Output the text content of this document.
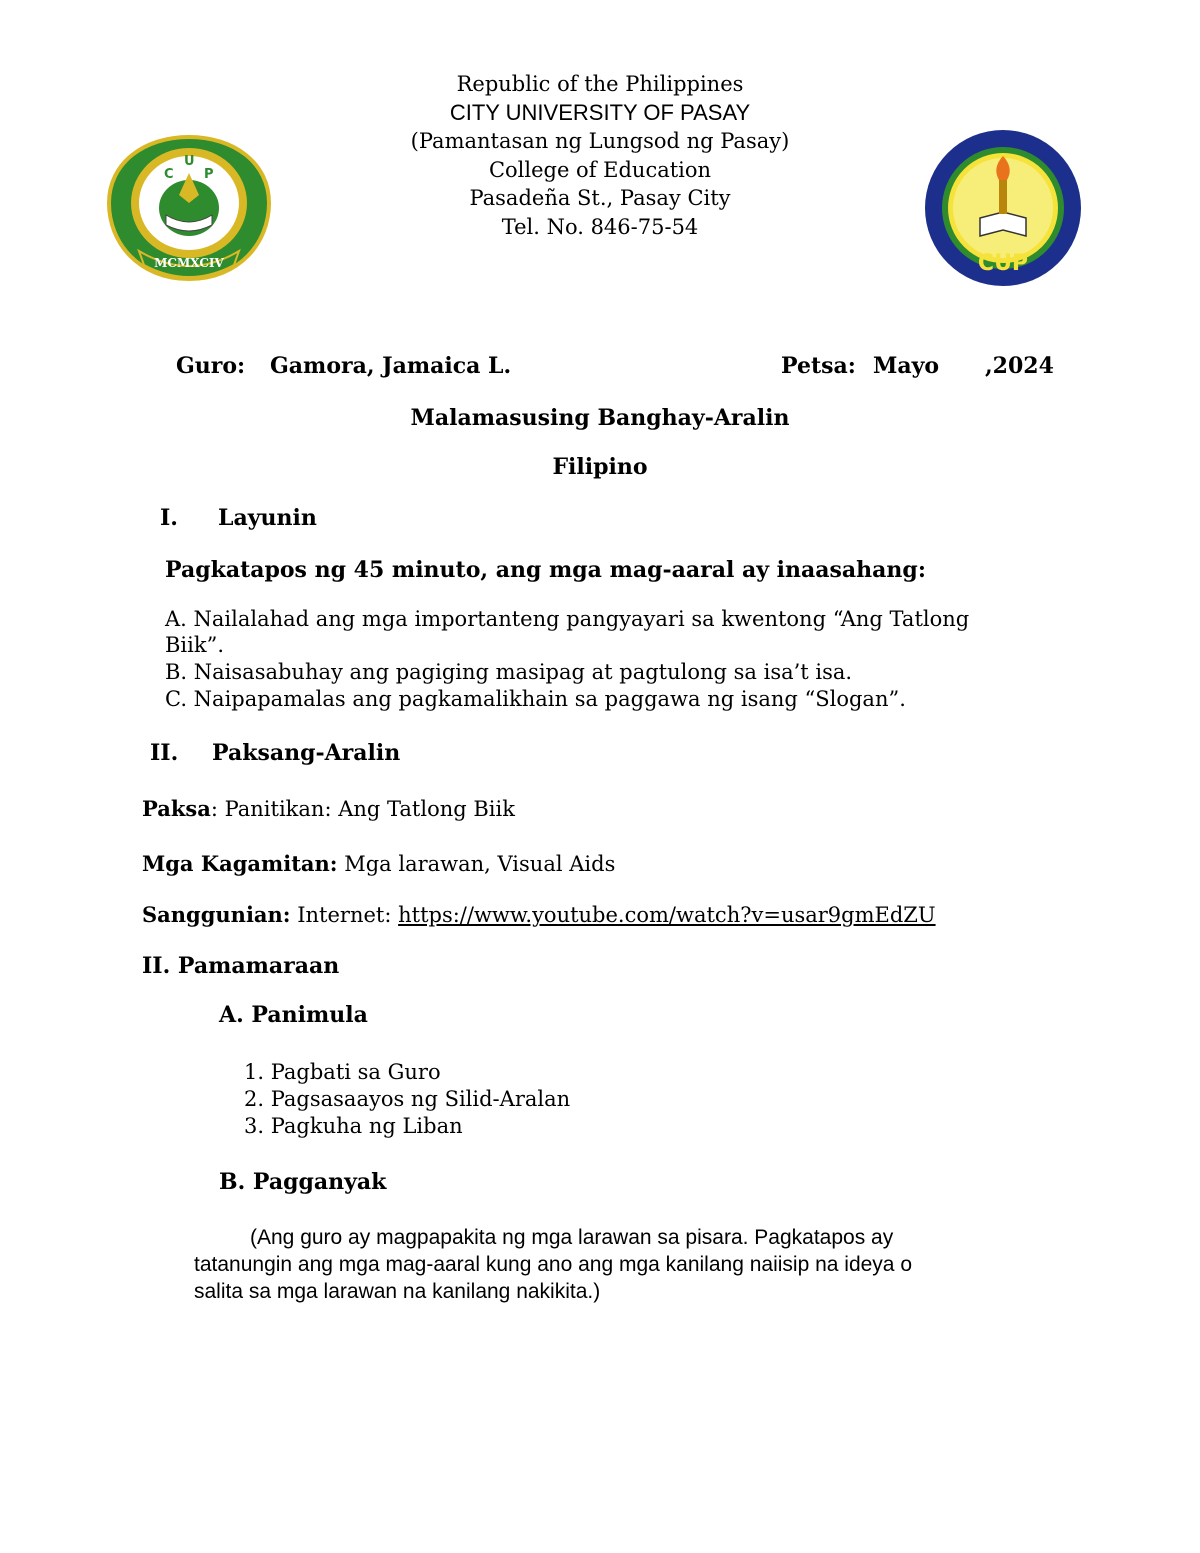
C
U
P
MCMXCIV	CUP
Republic of the Philippines
CITY UNIVERSITY OF PASAY
(Pamantasan ng Lungsod ng Pasay)
College of Education
Pasadeña St., Pasay City
Tel. No. 846-75-54
Guro: Gamora, Jamaica L.	Petsa: Mayo ,2024
Malamasusing Banghay-Aralin
Filipino
I. Layunin
Pagkatapos ng 45 minuto, ang mga mag-aaral ay inaasahang:
A. Nailalahad ang mga importanteng pangyayari sa kwentong “Ang Tatlong
Biik”.
B. Naisasabuhay ang pagiging masipag at pagtulong sa isa’t isa.
C. Naipapamalas ang pagkamalikhain sa paggawa ng isang “Slogan”.
II. Paksang-Aralin
Paksa: Panitikan: Ang Tatlong Biik
Mga Kagamitan: Mga larawan, Visual Aids
Sanggunian: Internet: https://www.youtube.com/watch?v=usar9gmEdZU
II. Pamamaraan
A. Panimula
1. Pagbati sa Guro
2. Pagsasaayos ng Silid-Aralan
3. Pagkuha ng Liban
B. Pagganyak
(Ang guro ay magpapakita ng mga larawan sa pisara. Pagkatapos ay
tatanungin ang mga mag-aaral kung ano ang mga kanilang naiisip na ideya o
salita sa mga larawan na kanilang nakikita.)
